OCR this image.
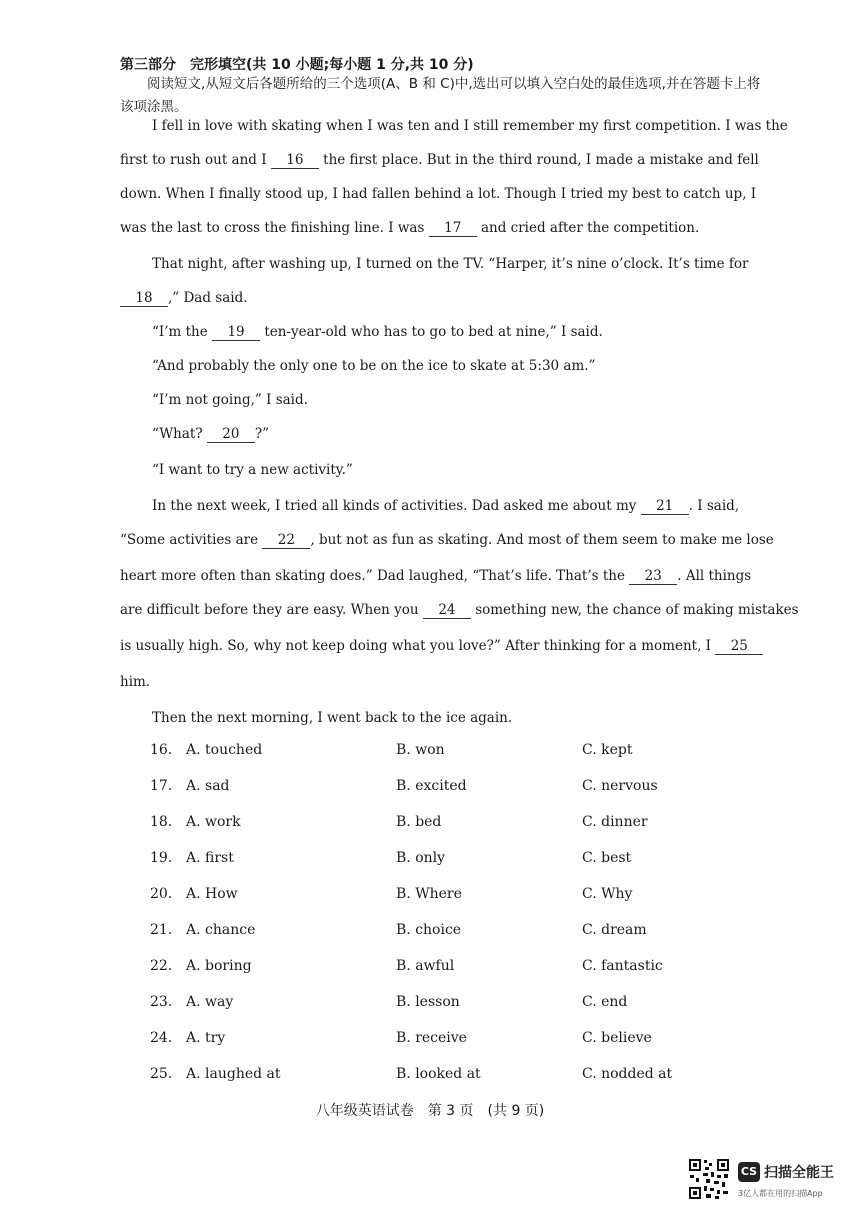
第三部分　完形填空(共 10 小题;每小题 1 分,共 10 分)

阅读短文,从短文后各题所给的三个选项(A、B 和 C)中,选出可以填入空白处的最佳选项,并在答题卡上将该项涂黑。

I fell in love with skating when I was ten and I still remember my first competition. I was the
first to rush out and I 16 the first place. But in the third round, I made a mistake and fell
down. When I finally stood up, I had fallen behind a lot. Though I tried my best to catch up, I
was the last to cross the finishing line. I was 17 and cried after the competition.
That night, after washing up, I turned on the TV. “Harper, it’s nine o’clock. It’s time for
18 ,” Dad said.
“I’m the 19 ten-year-old who has to go to bed at nine,” I said.
“And probably the only one to be on the ice to skate at 5:30 am.”
“I’m not going,” I said.
“What? 20 ?”
“I want to try a new activity.”
In the next week, I tried all kinds of activities. Dad asked me about my 21 . I said,
“Some activities are 22 , but not as fun as skating. And most of them seem to make me lose
heart more often than skating does.” Dad laughed, “That’s life. That’s the 23 . All things
are difficult before they are easy. When you 24 something new, the chance of making mistakes
is usually high. So, why not keep doing what you love?” After thinking for a moment, I 25
him.
Then the next morning, I went back to the ice again.
16. A. touched	B. won	C. kept
17. A. sad	B. excited	C. nervous
18. A. work	B. bed	C. dinner
19. A. first	B. only	C. best
20. A. How	B. Where	C. Why
21. A. chance	B. choice	C. dream
22. A. boring	B. awful	C. fantastic
23. A. way	B. lesson	C. end
24. A. try	B. receive	C. believe
25. A. laughed at	B. looked at	C. nodded at
八年级英语试卷　第 3 页　(共 9 页)
CS 扫描全能王
3亿人都在用的扫描App
